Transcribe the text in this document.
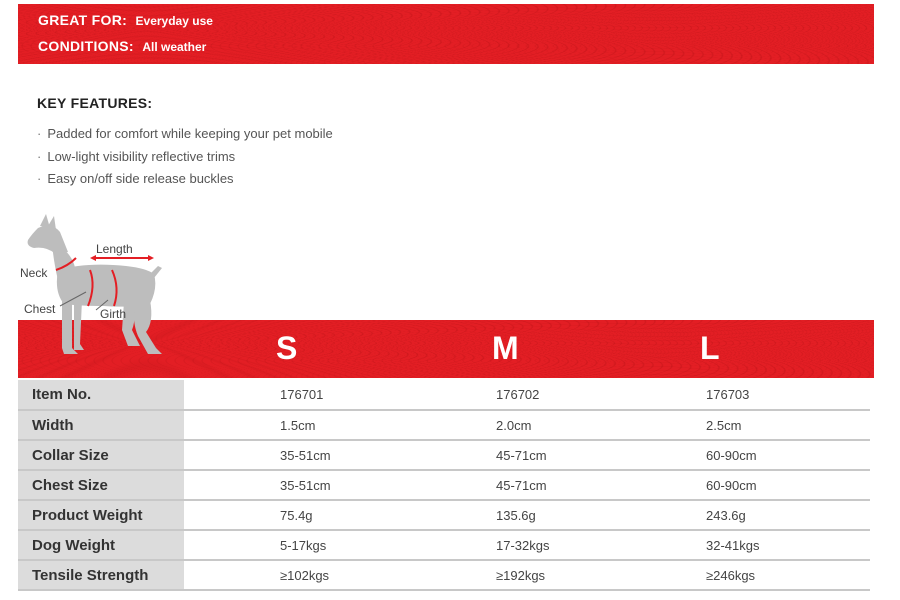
GREAT FOR: Everyday use
CONDITIONS: All weather
KEY FEATURES:
· Padded for comfort while keeping your pet mobile
· Low-light visibility reflective trims
· Easy on/off side release buckles
S	M	L
Length
Neck
Chest	Girth
Item No.	176701	176702	176703
Width	1.5cm	2.0cm	2.5cm
Collar Size	35-51cm	45-71cm	60-90cm
Chest Size	35-51cm	45-71cm	60-90cm
Product Weight	75.4g	135.6g	243.6g
Dog Weight	5-17kgs	17-32kgs	32-41kgs
Tensile Strength	≥102kgs	≥192kgs	≥246kgs
